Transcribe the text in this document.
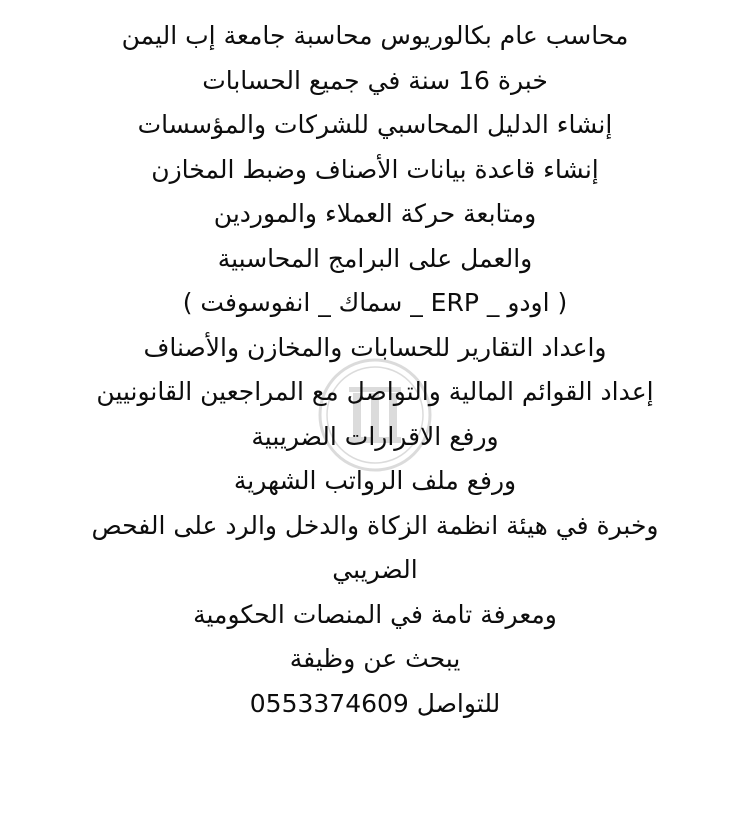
محاسب عام بكالوريوس محاسبة جامعة إب اليمن
خبرة 16 سنة في جميع الحسابات
إنشاء الدليل المحاسبي للشركات والمؤسسات
إنشاء قاعدة بيانات الأصناف وضبط المخازن
ومتابعة حركة العملاء والموردين
والعمل على البرامج المحاسبية
( اودو _ ERP _ سماك _ انفوسوفت )
واعداد التقارير للحسابات والمخازن والأصناف
إعداد القوائم المالية والتواصل مع المراجعين القانونيين
ورفع الاقرارات الضريبية
ورفع ملف الرواتب الشهرية
وخبرة في هيئة انظمة الزكاة والدخل والرد على الفحص
الضريبي
ومعرفة تامة في المنصات الحكومية
يبحث عن وظيفة
للتواصل 0553374609
